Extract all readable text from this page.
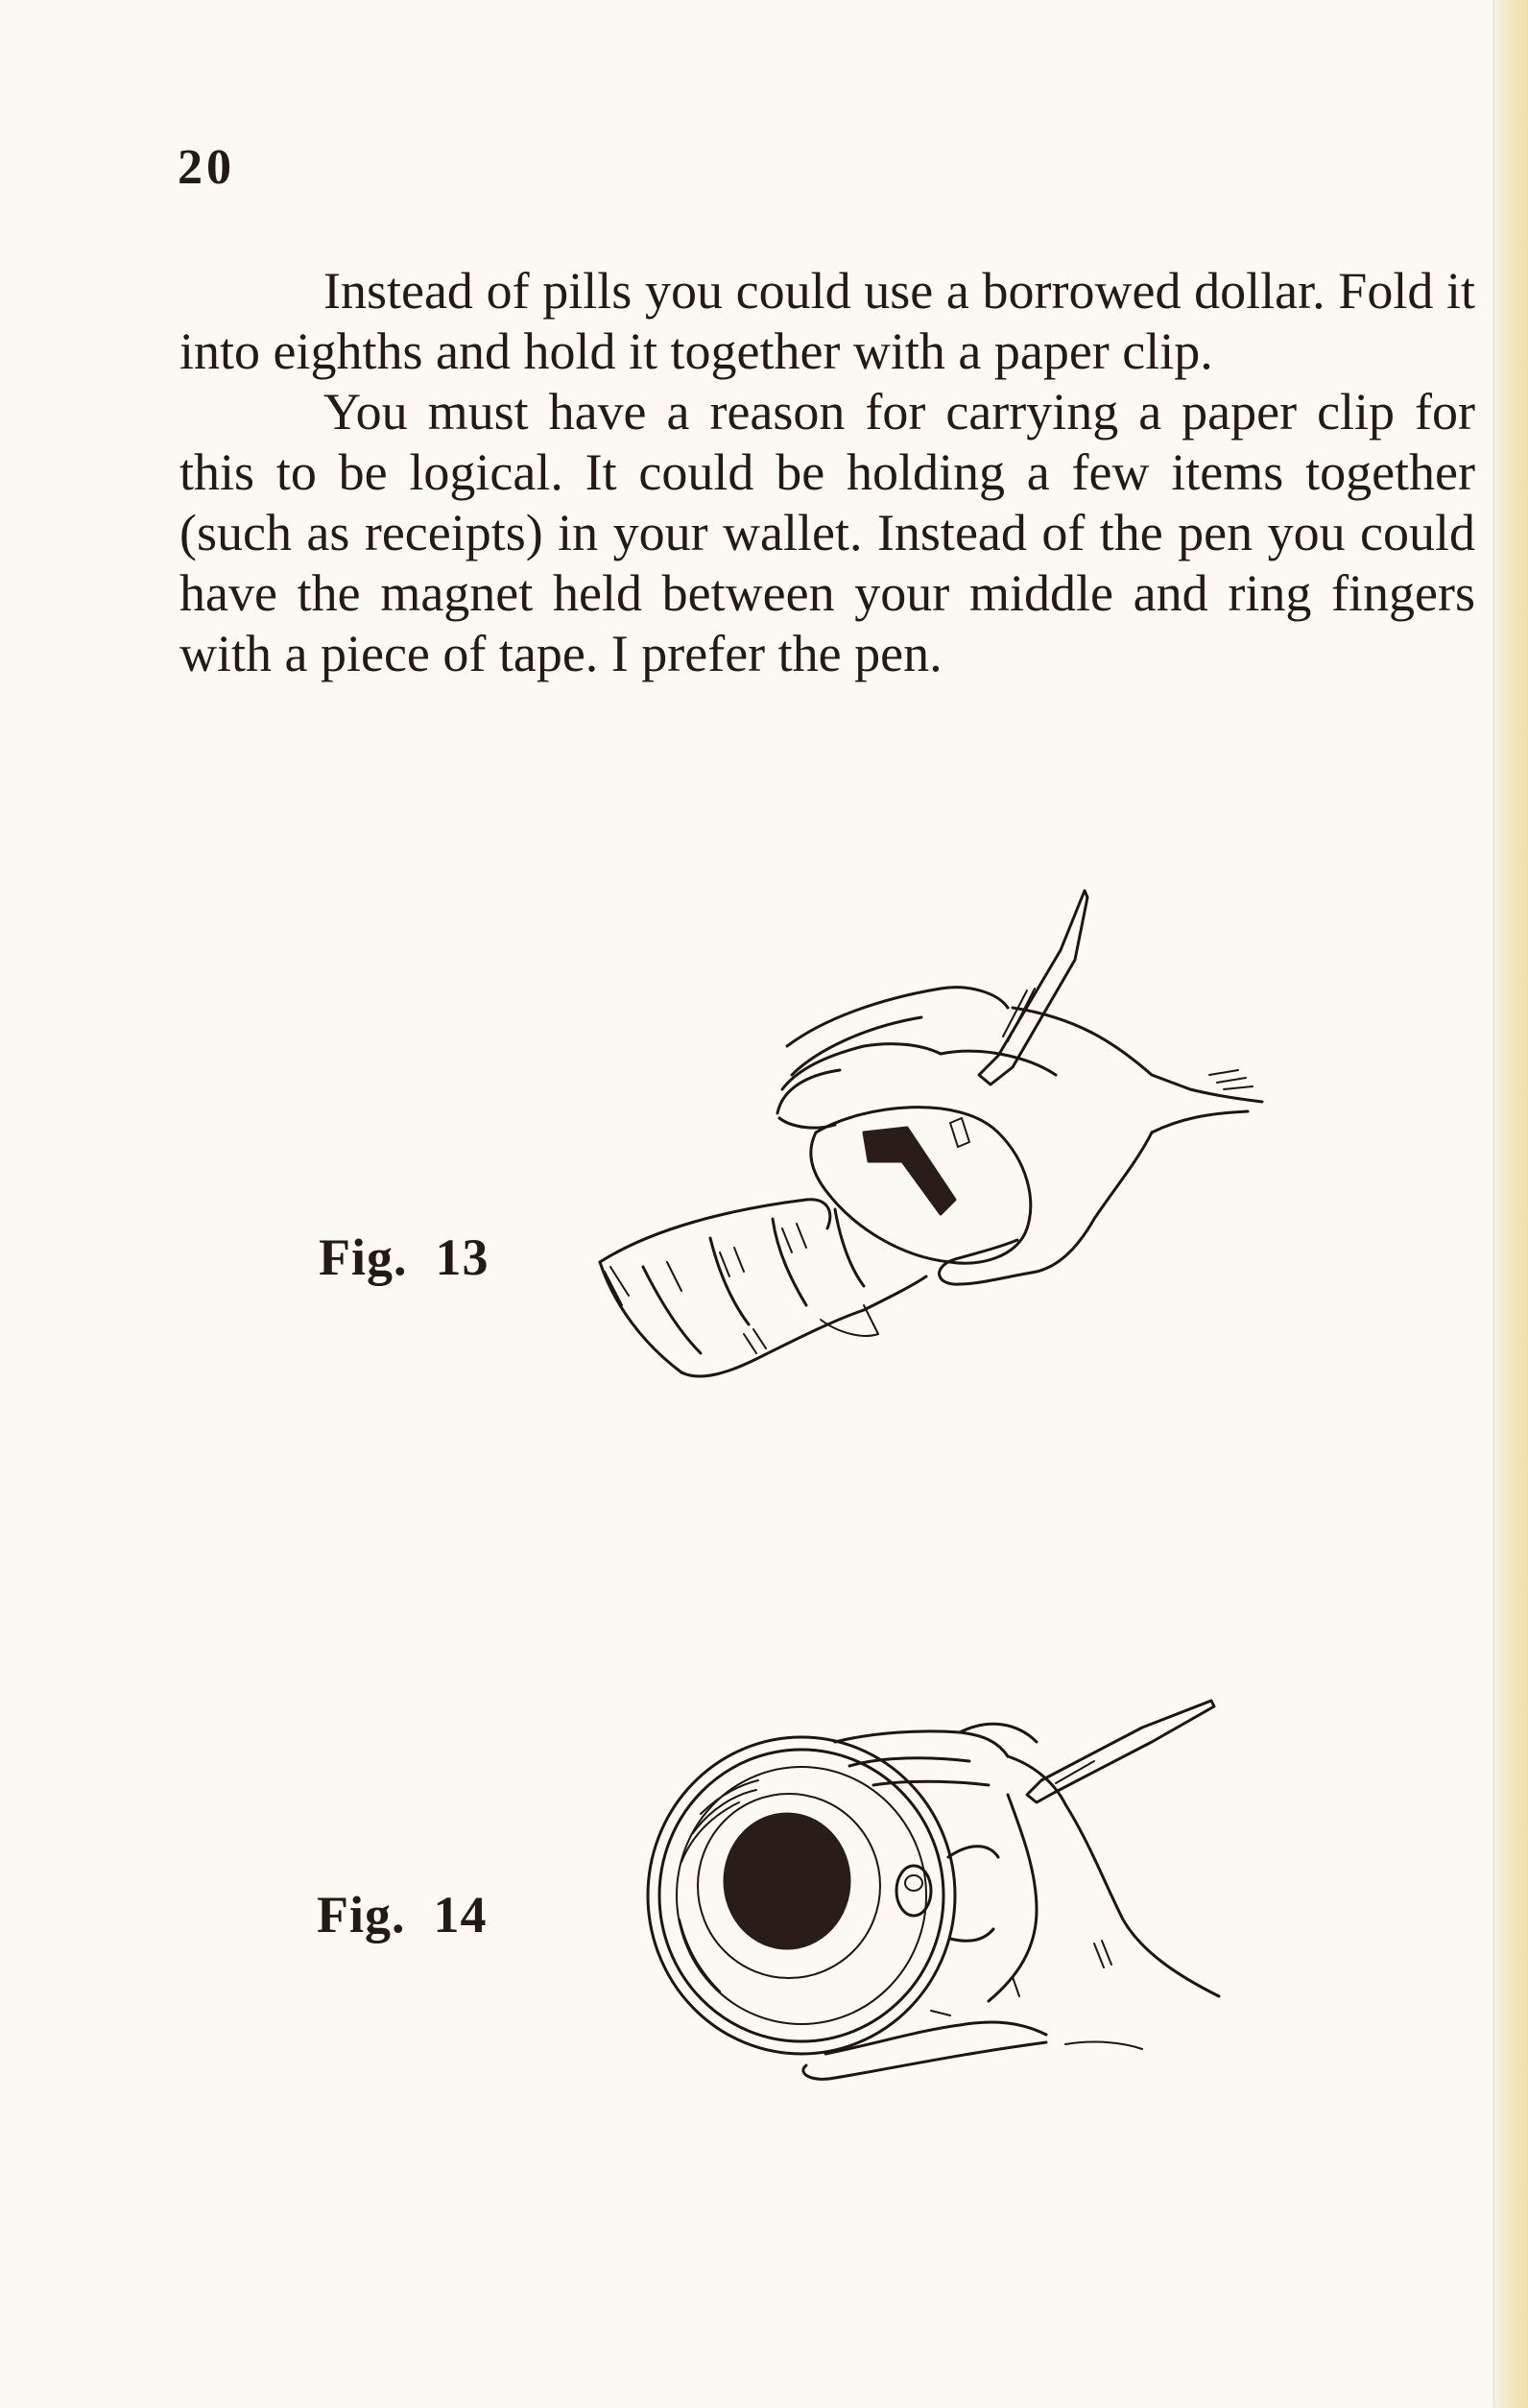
20

Instead of pills you could use a borrowed dollar. Fold it into eighths and hold it together with a paper clip.

You must have a reason for carrying a paper clip for this to be logical. It could be holding a few items together (such as receipts) in your wallet. Instead of the pen you could have the magnet held between your middle and ring fingers with a piece of tape. I prefer the pen.

Fig.  13
Fig.  14
